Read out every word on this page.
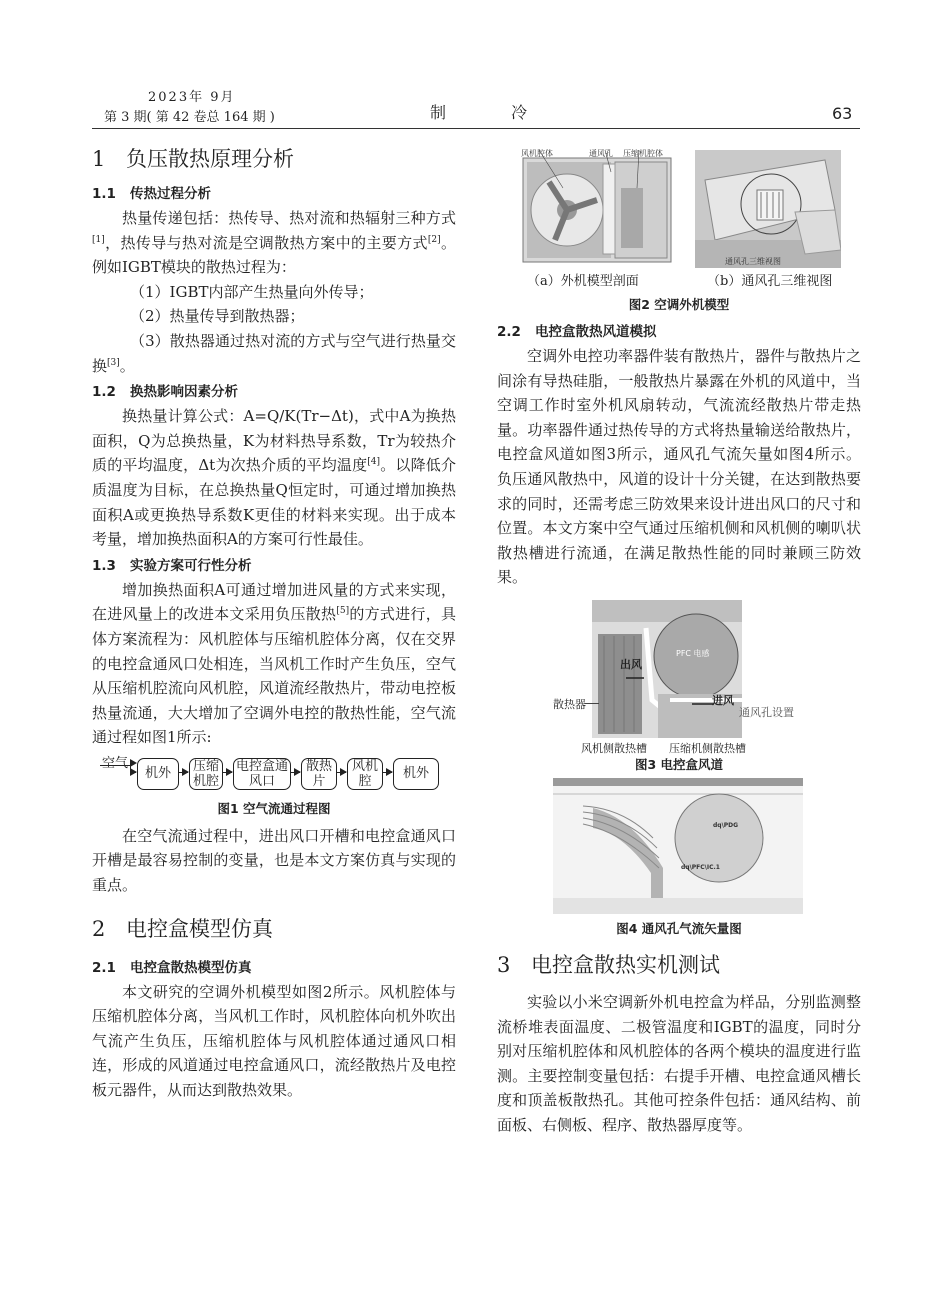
2023年 9月
第 3 期( 第 42 卷总 164 期 )	制 冷	63
1 负压散热原理分析
1.1 传热过程分析

热量传递包括：热传导、热对流和热辐射三种方式[1]，热传导与热对流是空调散热方案中的主要方式[2]。例如IGBT模块的散热过程为：

（1）IGBT内部产生热量向外传导；

（2）热量传导到散热器；

（3）散热器通过热对流的方式与空气进行热量交换[3]。

1.2 换热影响因素分析

换热量计算公式：A=Q/K(Tr−Δt)，式中A为换热面积，Q为总换热量，K为材料热导系数，Tr为较热介质的平均温度，Δt为次热介质的平均温度[4]。以降低介质温度为目标，在总换热量Q恒定时，可通过增加换热面积A或更换热导系数K更佳的材料来实现。出于成本考量，增加换热面积A的方案可行性最佳。

1.3 实验方案可行性分析

增加换热面积A可通过增加进风量的方式来实现，在进风量上的改进本文采用负压散热[5]的方式进行，具体方案流程为：风机腔体与压缩机腔体分离，仅在交界的电控盒通风口处相连，当风机工作时产生负压，空气从压缩机腔流向风机腔，风道流经散热片，带动电控板热量流通，大大增加了空调外电控的散热性能，空气流通过程如图1所示:

空气
机外	压缩机腔
电控盒通风口
散热片
风机腔	机外
图1 空气流通过程图

在空气流通过程中，进出风口开槽和电控盒通风口开槽是最容易控制的变量，也是本文方案仿真与实现的重点。

2 电控盒模型仿真
2.1 电控盒散热模型仿真

本文研究的空调外机模型如图2所示。风机腔体与压缩机腔体分离，当风机工作时，风机腔体向机外吹出气流产生负压，压缩机腔体与风机腔体通过通风口相连，形成的风道通过电控盒通风口，流经散热片及电控板元器件，从而达到散热效果。

风机腔体	通风孔 压缩机腔体
通风孔三维视图
（a）外机模型剖面	（b）通风孔三维视图
图2 空调外机模型
2.2 电控盒散热风道模拟

空调外电控功率器件装有散热片，器件与散热片之间涂有导热硅脂，一般散热片暴露在外机的风道中，当空调工作时室外机风扇转动，气流流经散热片带走热量。功率器件通过热传导的方式将热量输送给散热片，电控盒风道如图3所示，通风孔气流矢量如图4所示。负压通风散热中，风道的设计十分关键，在达到散热要求的同时，还需考虑三防效果来设计进出风口的尺寸和位置。本文方案中空气通过压缩机侧和风机侧的喇叭状散热槽进行流通，在满足散热性能的同时兼顾三防效果。

出风
进风
PFC 电感
散热器
通风孔设置
风机侧散热槽 压缩机侧散热槽
图3 电控盒风道
dq\PDG
dq\PFC\IC.1
图4 通风孔气流矢量图
3 电控盒散热实机测试

实验以小米空调新外机电控盒为样品，分别监测整流桥堆表面温度、二极管温度和IGBT的温度，同时分别对压缩机腔体和风机腔体的各两个模块的温度进行监测。主要控制变量包括：右提手开槽、电控盒通风槽长度和顶盖板散热孔。其他可控条件包括：通风结构、前面板、右侧板、程序、散热器厚度等。
